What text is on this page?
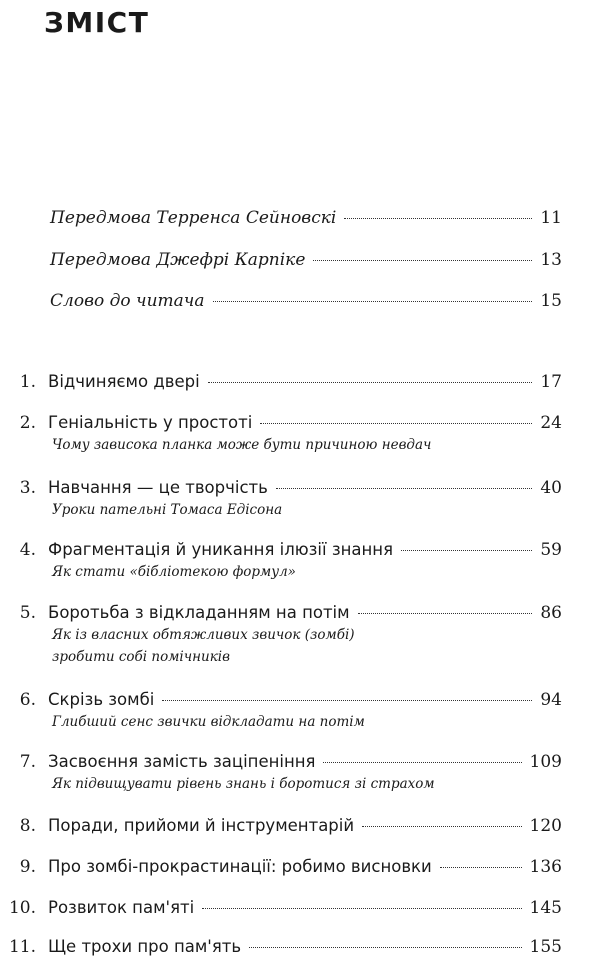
ЗМІСТ
Передмова Терренса Сейновскі	11
Передмова Джефрі Карпіке	13
Слово до читача	15
1. Відчиняємо двері	17
2. Геніальність у простоті	24
Чому зависока планка може бути причиною невдач
3. Навчання — це творчість	40
Уроки пательні Томаса Едісона
4. Фрагментація й уникання ілюзії знання	59
Як стати «бібліотекою формул»
5. Боротьба з відкладанням на потім	86
Як із власних обтяжливих звичок (зомбі)
зробити собі помічників
6. Скрізь зомбі	94
Глибший сенс звички відкладати на потім
7. Засвоєння замість заціпеніння	109
Як підвищувати рівень знань і боротися зі страхом
8. Поради, прийоми й інструментарій	120
9. Про зомбі-прокрастинації: робимо висновки	136
10. Розвиток пам'яті	145
11. Ще трохи про пам'ять	155
